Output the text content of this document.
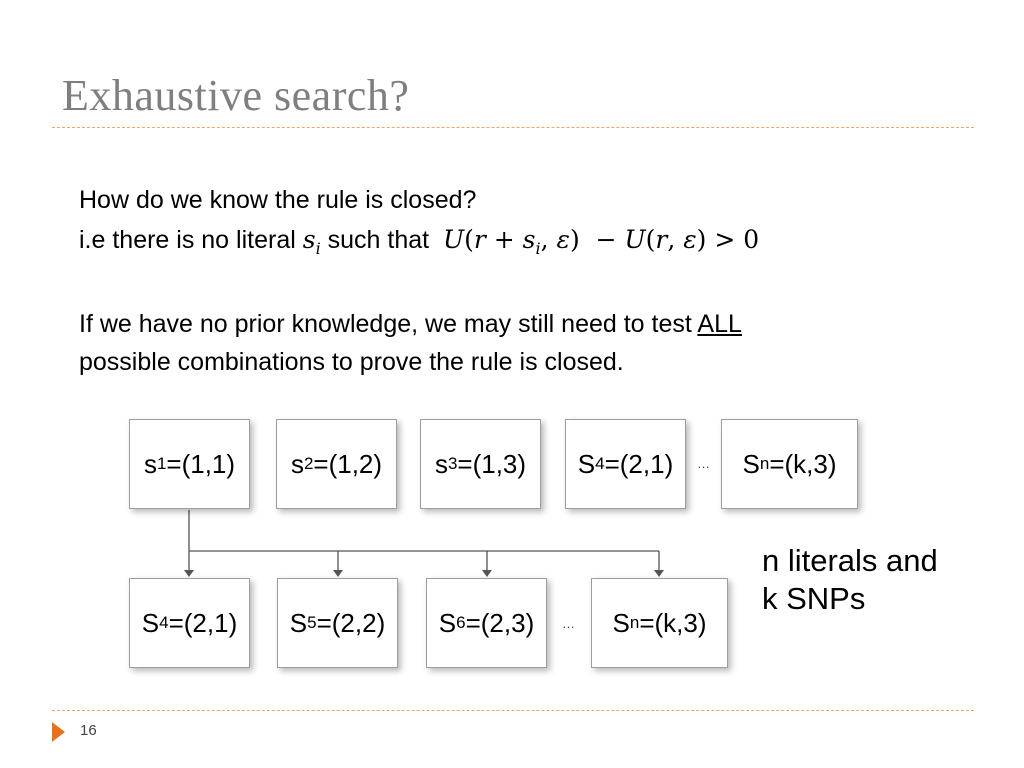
Exhaustive search?
How do we know the rule is closed?
i.e there is no literal $s_i$ such that $U(r + s_i$, ε)  − U(r, ε) > 0
If we have no prior knowledge, we may still need to test ALL
possible combinations to prove the rule is closed.
s 1 =(1,1) s 2 =(1,2) s 3 =(1,3) S 4 =(2,1) … S n =(k,3)
S 4 =(2,1) S 5 =(2,2) S 6 =(2,3) … S n =(k,3)
n literals and
k SNPs
16
